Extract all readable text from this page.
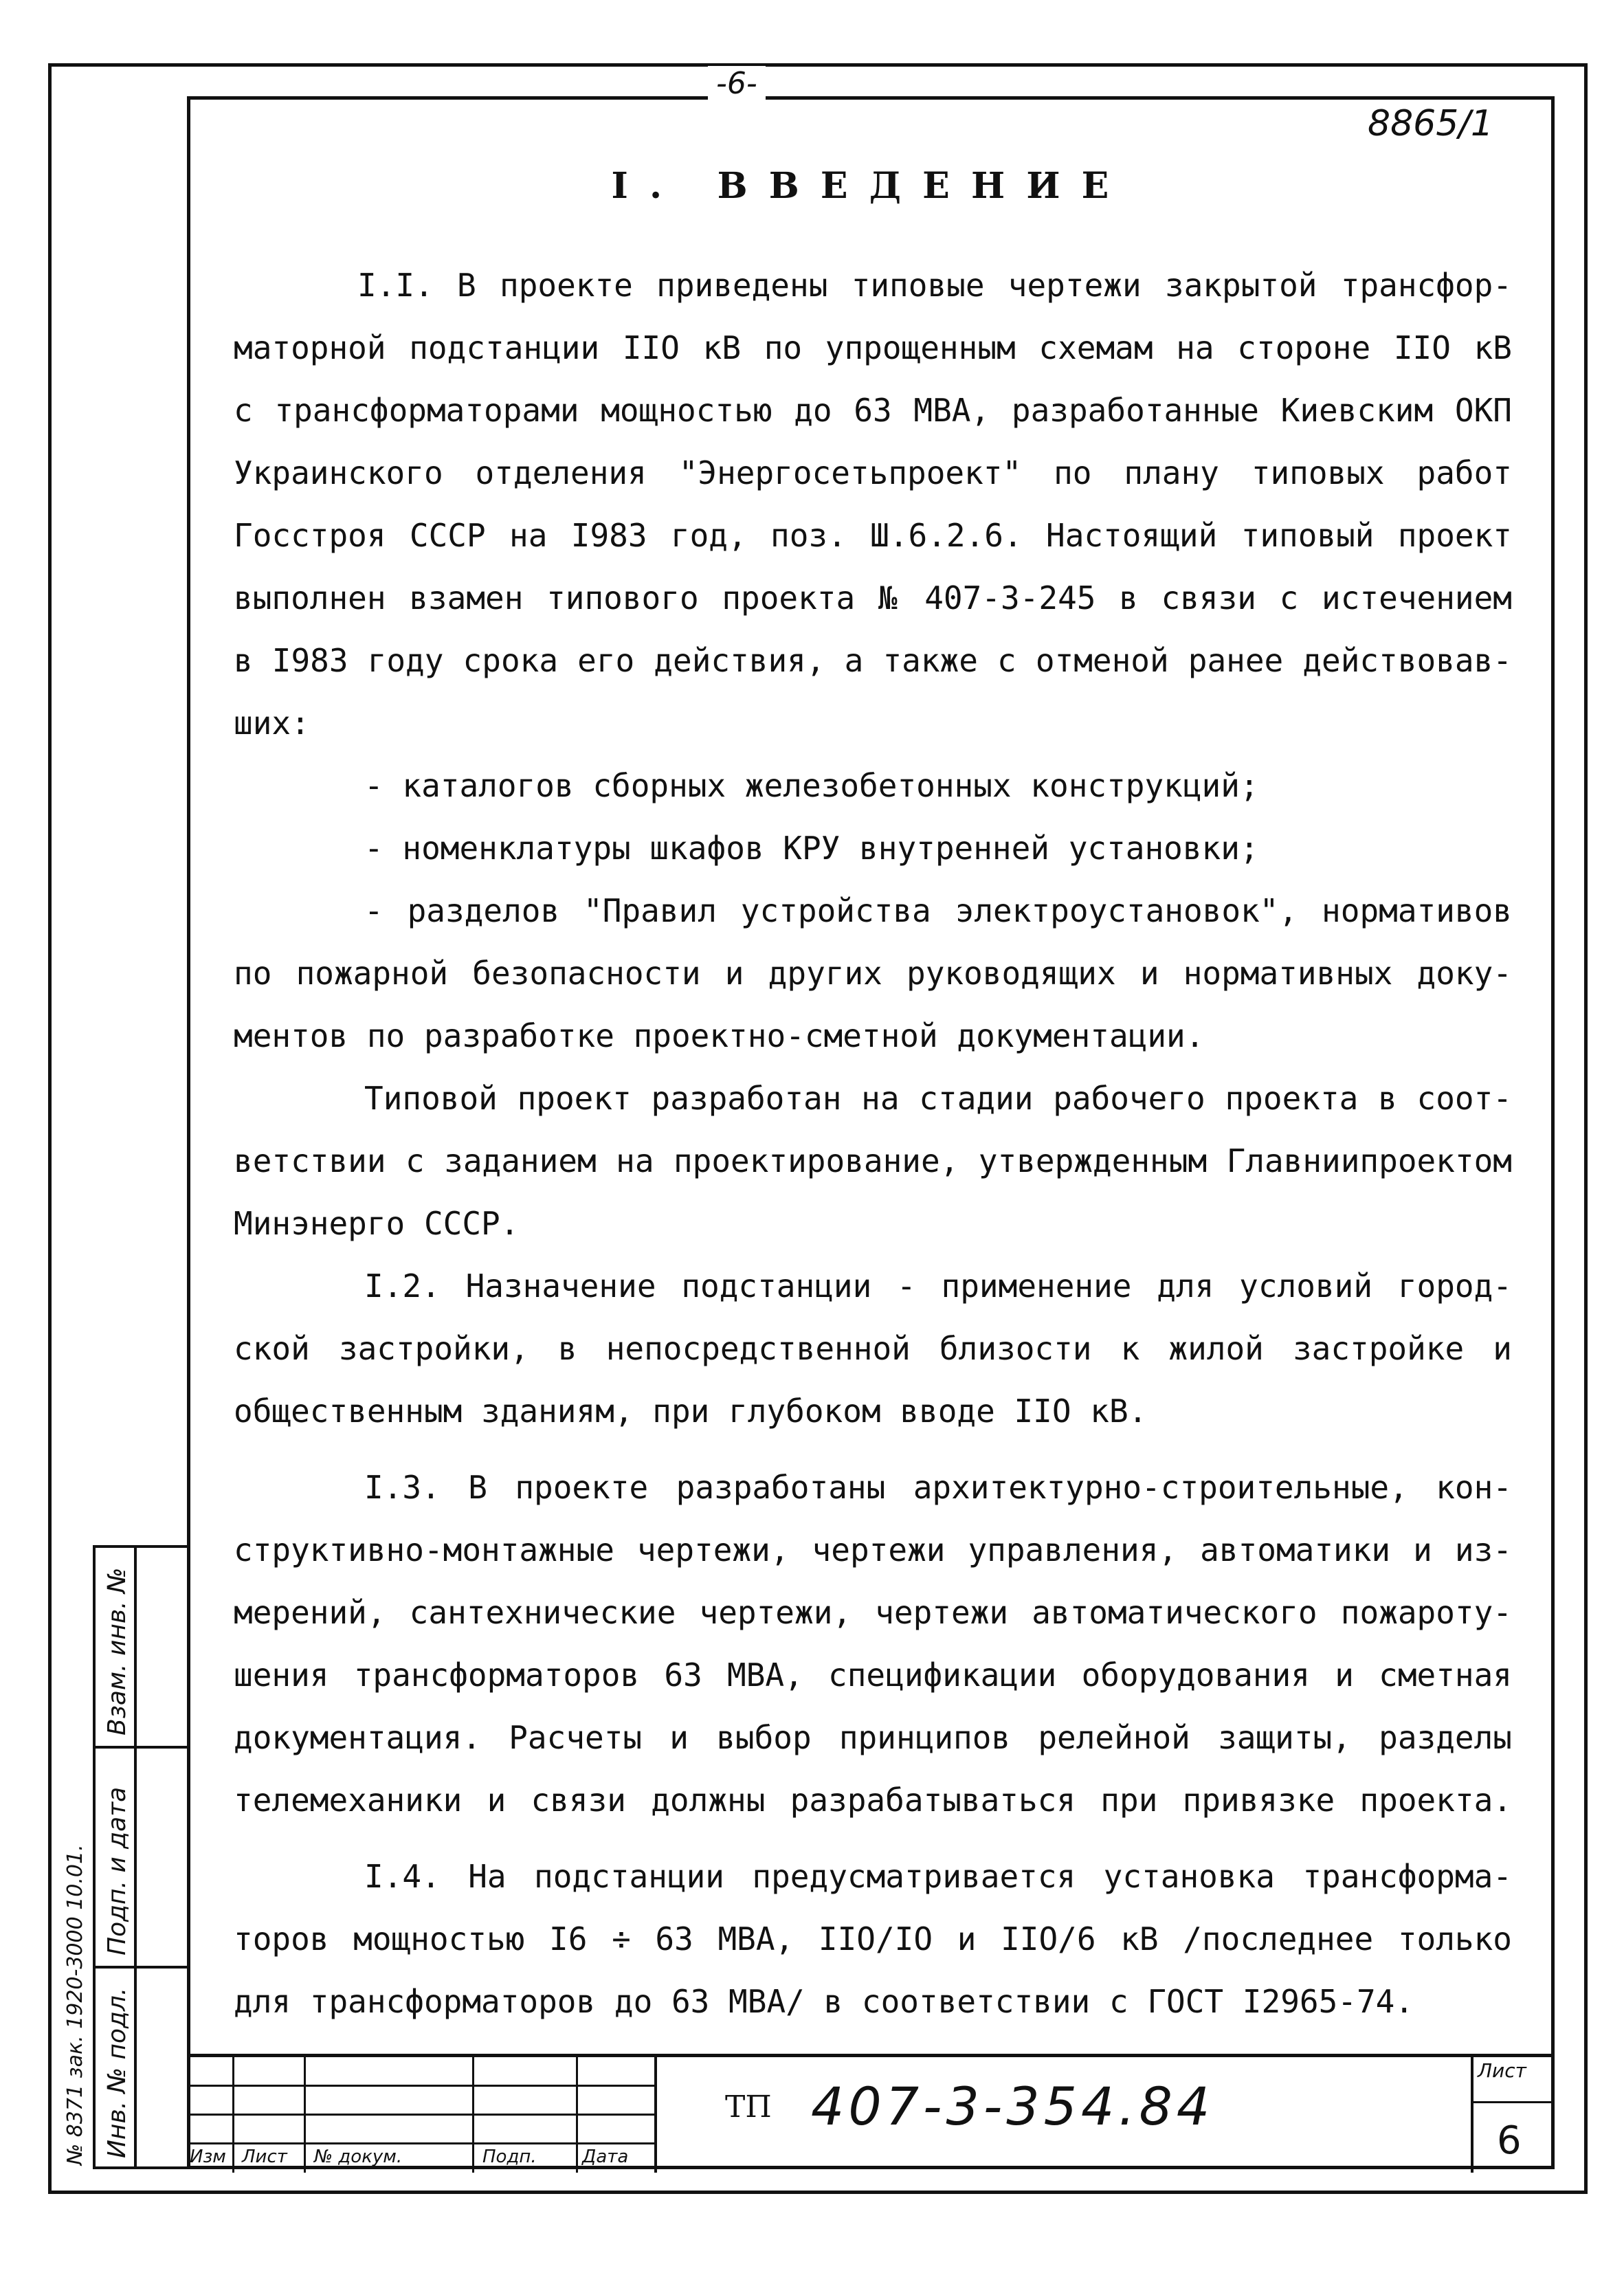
-6-
8865/1
I. ВВЕДЕНИЕ

I.I. В проекте приведены типовые чертежи закрытой трансфор-

маторной подстанции IIO кВ по упрощенным схемам на стороне IIO кВ

с трансформаторами мощностью до 63 МВА, разработанные Киевским ОКП

Украинского отделения "Энергосетьпроект" по плану типовых работ

Госстроя СССР на I983 год, поз. Ш.6.2.6. Настоящий типовый проект

выполнен взамен типового проекта № 407-3-245 в связи с истечением

в I983 году срока его действия, а также с отменой ранее действовав-

ших:

- каталогов сборных железобетонных конструкций;

- номенклатуры шкафов КРУ внутренней установки;

- разделов "Правил устройства электроустановок", нормативов

по пожарной безопасности и других руководящих и нормативных доку-

ментов по разработке проектно-сметной документации.

Типовой проект разработан на стадии рабочего проекта в соот-

ветствии с заданием на проектирование, утвержденным Главниипроектом

Минэнерго СССР.

I.2. Назначение подстанции - применение для условий город-

ской застройки, в непосредственной близости к жилой застройке и

общественным зданиям, при глубоком вводе IIO кВ.

I.3. В проекте разработаны архитектурно-строительные, кон-

структивно-монтажные чертежи, чертежи управления, автоматики и из-

мерений, сантехнические чертежи, чертежи автоматического пожароту-

шения трансформаторов 63 МВА, спецификации оборудования и сметная

документация. Расчеты и выбор принципов релейной защиты, разделы

телемеханики и связи должны разрабатываться при привязке проекта.

I.4. На подстанции предусматривается установка трансформа-

торов мощностью I6 ÷ 63 МВА, IIO/IO и IIO/6 кВ /последнее только

для трансформаторов до 63 МВА/ в соответствии с ГОСТ I2965-74.

№ 8371 зак. 1920-3000 10.01. Инв. № подл.
Подп. и дата
Взам. инв. №
Изм Лист № докум.	Подп.	Дата
ТП 407-3-354.84
Лист
6
